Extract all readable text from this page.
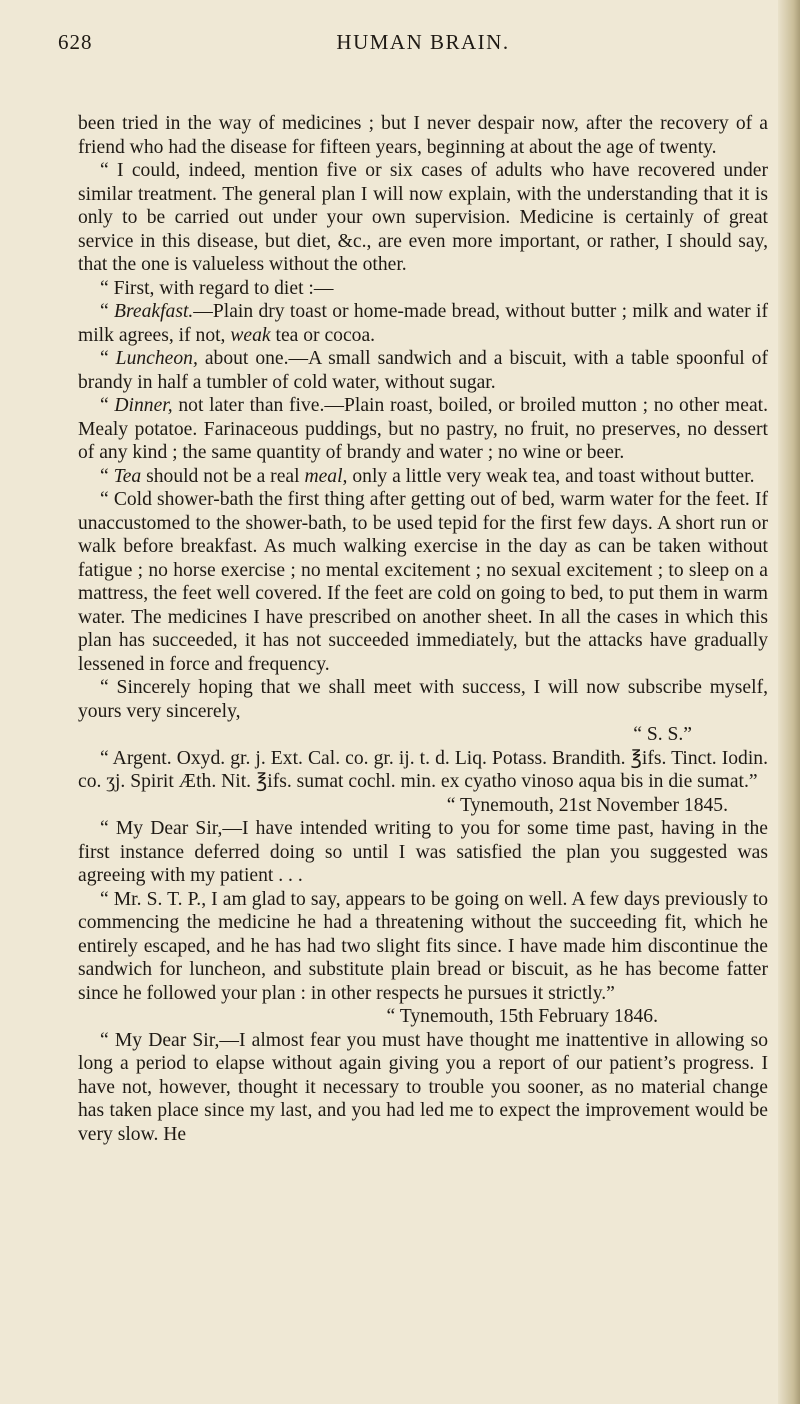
628	HUMAN BRAIN.

been tried in the way of medicines ; but I never despair now, after the recovery of a friend who had the disease for fifteen years, beginning at about the age of twenty.

“ I could, indeed, mention five or six cases of adults who have recovered under similar treatment. The general plan I will now explain, with the understanding that it is only to be carried out under your own supervision. Medicine is certainly of great service in this disease, but diet, &c., are even more important, or rather, I should say, that the one is valueless without the other.

“ First, with regard to diet :—

“ Breakfast.—Plain dry toast or home-made bread, without butter ; milk and water if milk agrees, if not, weak tea or cocoa.

“ Luncheon, about one.—A small sandwich and a biscuit, with a table spoonful of brandy in half a tumbler of cold water, without sugar.

“ Dinner, not later than five.—Plain roast, boiled, or broiled mutton ; no other meat. Mealy potatoe. Farinaceous puddings, but no pastry, no fruit, no preserves, no dessert of any kind ; the same quantity of brandy and water ; no wine or beer.

“ Tea should not be a real meal, only a little very weak tea, and toast without butter.

“ Cold shower-bath the first thing after getting out of bed, warm water for the feet. If unaccustomed to the shower-bath, to be used tepid for the first few days. A short run or walk before breakfast. As much walking exercise in the day as can be taken without fatigue ; no horse exercise ; no mental excitement ; no sexual excitement ; to sleep on a mattress, the feet well covered. If the feet are cold on going to bed, to put them in warm water. The medicines I have prescribed on another sheet. In all the cases in which this plan has succeeded, it has not succeeded immediately, but the attacks have gradually lessened in force and frequency.

“ Sincerely hoping that we shall meet with success, I will now subscribe myself, yours very sincerely,

“ S. S.”

“ Argent. Oxyd. gr. j. Ext. Cal. co. gr. ij. t. d. Liq. Potass. Brandith. ℥ifs. Tinct. Iodin. co. ʒj. Spirit Æth. Nit. ℥ifs. sumat cochl. min. ex cyatho vinoso aqua bis in die sumat.”

“ Tynemouth, 21st November 1845.

“ My Dear Sir,—I have intended writing to you for some time past, having in the first instance deferred doing so until I was satisfied the plan you suggested was agreeing with my patient . . .

“ Mr. S. T. P., I am glad to say, appears to be going on well. A few days previously to commencing the medicine he had a threatening without the succeeding fit, which he entirely escaped, and he has had two slight fits since. I have made him discontinue the sandwich for luncheon, and substitute plain bread or biscuit, as he has become fatter since he followed your plan : in other respects he pursues it strictly.”

“ Tynemouth, 15th February 1846.

“ My Dear Sir,—I almost fear you must have thought me inattentive in allowing so long a period to elapse without again giving you a report of our patient’s progress. I have not, however, thought it necessary to trouble you sooner, as no material change has taken place since my last, and you had led me to expect the improvement would be very slow. He
